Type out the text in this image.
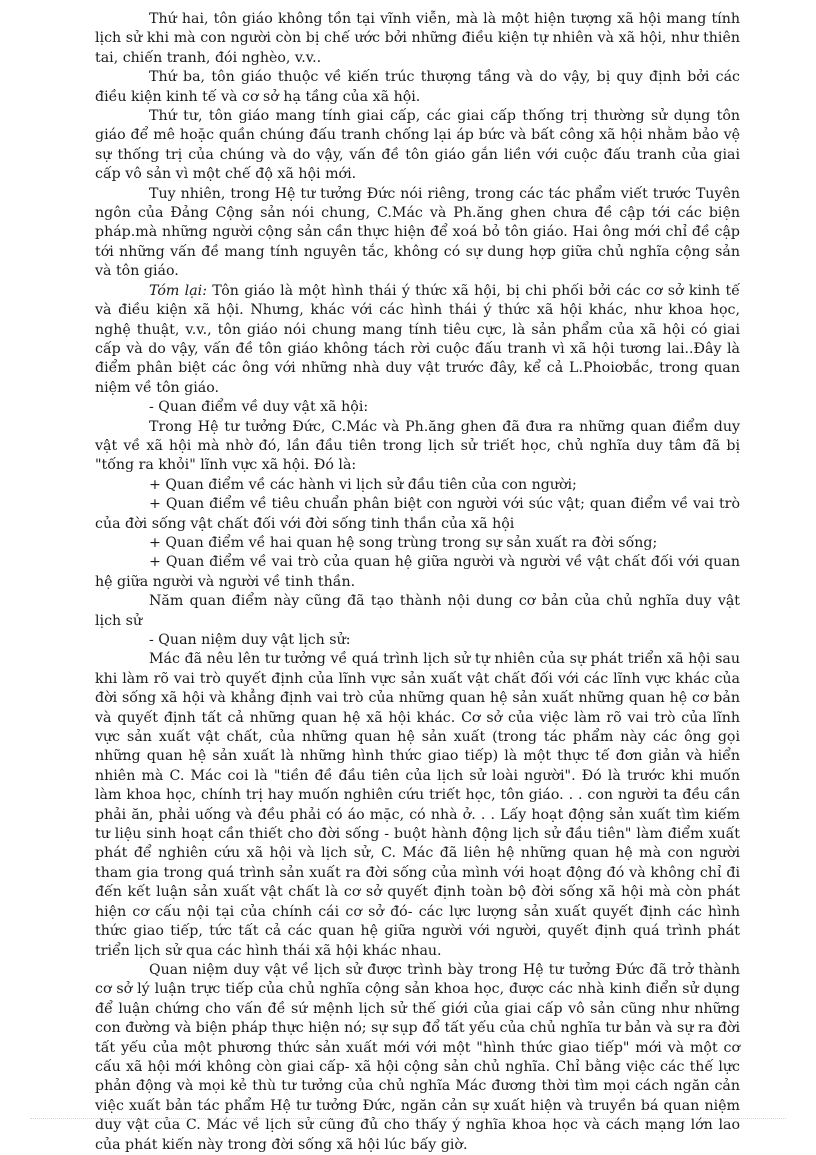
Thứ hai, tôn giáo không tồn tại vĩnh viễn, mà là một hiện tượng xã hội mang tính lịch sử khi mà con người còn bị chế ước bởi những điều kiện tự nhiên và xã hội, như thiên tai, chiến tranh, đói nghèo, v.v..

Thứ ba, tôn giáo thuộc về kiến trúc thượng tầng và do vậy, bị quy định bởi các điều kiện kinh tế và cơ sở hạ tầng của xã hội.

Thứ tư, tôn giáo mang tính giai cấp, các giai cấp thống trị thường sử dụng tôn giáo để mê hoặc quần chúng đấu tranh chống lại áp bức và bất công xã hội nhằm bảo vệ sự thống trị của chúng và do vậy, vấn đề tôn giáo gắn liền với cuộc đấu tranh của giai cấp vô sản vì một chế độ xã hội mới.

Tuy nhiên, trong Hệ tư tưởng Đức nói riêng, trong các tác phẩm viết trước Tuyên ngôn của Đảng Cộng sản nói chung, C.Mác và Ph.ăng ghen chưa đề cập tới các biện pháp.mà những người cộng sản cần thực hiện để xoá bỏ tôn giáo. Hai ông mới chỉ đề cập tới những vấn đề mang tính nguyên tắc, không có sự dung hợp giữa chủ nghĩa cộng sản và tôn giáo.

Tóm lại: Tôn giáo là một hình thái ý thức xã hội, bị chi phối bởi các cơ sở kinh tế và điều kiện xã hội. Nhưng, khác với các hình thái ý thức xã hội khác, như khoa học, nghệ thuật, v.v., tôn giáo nói chung mang tính tiêu cực, là sản phẩm của xã hội có giai cấp và do vậy, vấn đề tôn giáo không tách rời cuộc đấu tranh vì xã hội tương lai..Đây là điểm phân biệt các ông với những nhà duy vật trước đây, kể cả L.Phoiơbắc, trong quan niệm về tôn giáo.

- Quan điểm về duy vật xã hội:

Trong Hệ tư tưởng Đức, C.Mác và Ph.ăng ghen đã đưa ra những quan điểm duy vật về xã hội mà nhờ đó, lần đầu tiên trong lịch sử triết học, chủ nghĩa duy tâm đã bị "tống ra khỏi" lĩnh vực xã hội. Đó là:

+ Quan điểm về các hành vi lịch sử đầu tiên của con người;

+ Quan điểm về tiêu chuẩn phân biệt con người với súc vật; quan điểm về vai trò của đời sống vật chất đối với đời sống tinh thần của xã hội

+ Quan điểm về hai quan hệ song trùng trong sự sản xuất ra đời sống;

+ Quan điểm về vai trò của quan hệ giữa người và người về vật chất đối với quan hệ giữa người và người về tinh thần.

Năm quan điểm này cũng đã tạo thành nội dung cơ bản của chủ nghĩa duy vật lịch sử

- Quan niệm duy vật lịch sử:

Mác đã nêu lên tư tưởng về quá trình lịch sử tự nhiên của sự phát triển xã hội sau khi làm rõ vai trò quyết định của lĩnh vực sản xuất vật chất đối với các lĩnh vực khác của đời sống xã hội và khẳng định vai trò của những quan hệ sản xuất những quan hệ cơ bản và quyết định tất cả những quan hệ xã hội khác. Cơ sở của việc làm rõ vai trò của lĩnh vực sản xuất vật chất, của những quan hệ sản xuất (trong tác phẩm này các ông gọi những quan hệ sản xuất là những hình thức giao tiếp) là một thực tế đơn giản và hiển nhiên mà C. Mác coi là "tiền đề đầu tiên của lịch sử loài người". Đó là trước khi muốn làm khoa học, chính trị hay muốn nghiên cứu triết học, tôn giáo. . . con người ta đều cần phải ăn, phải uống và đều phải có áo mặc, có nhà ở. . . Lấy hoạt động sản xuất tìm kiếm tư liệu sinh hoạt cần thiết cho đời sống - buột hành động lịch sử đầu tiên" làm điểm xuất phát để nghiên cứu xã hội và lịch sử, C. Mác đã liên hệ những quan hệ mà con người tham gia trong quá trình sản xuất ra đời sống của mình với hoạt động đó và không chỉ đi đến kết luận sản xuất vật chất là cơ sở quyết định toàn bộ đời sống xã hội mà còn phát hiện cơ cấu nội tại của chính cái cơ sở đó- các lực lượng sản xuất quyết định các hình thức giao tiếp, tức tất cả các quan hệ giữa người với người, quyết định quá trình phát triển lịch sử qua các hình thái xã hội khác nhau.

Quan niệm duy vật về lịch sử được trình bày trong Hệ tư tưởng Đức đã trở thành cơ sở lý luận trực tiếp của chủ nghĩa cộng sản khoa học, được các nhà kinh điển sử dụng để luận chứng cho vấn đề sứ mệnh lịch sử thế giới của giai cấp vô sản cũng như những con đường và biện pháp thực hiện nó; sự sụp đổ tất yếu của chủ nghĩa tư bản và sự ra đời tất yếu của một phương thức sản xuất mới với một "hình thức giao tiếp" mới và một cơ cấu xã hội mới không còn giai cấp- xã hội cộng sản chủ nghĩa. Chỉ bằng việc các thế lực phản động và mọi kẻ thù tư tưởng của chủ nghĩa Mác đương thời tìm mọi cách ngăn cản việc xuất bản tác phẩm Hệ tư tưởng Đức, ngăn cản sự xuất hiện và truyền bá quan niệm duy vật của C. Mác về lịch sử cũng đủ cho thấy ý nghĩa khoa học và cách mạng lớn lao của phát kiến này trong đời sống xã hội lúc bấy giờ.
